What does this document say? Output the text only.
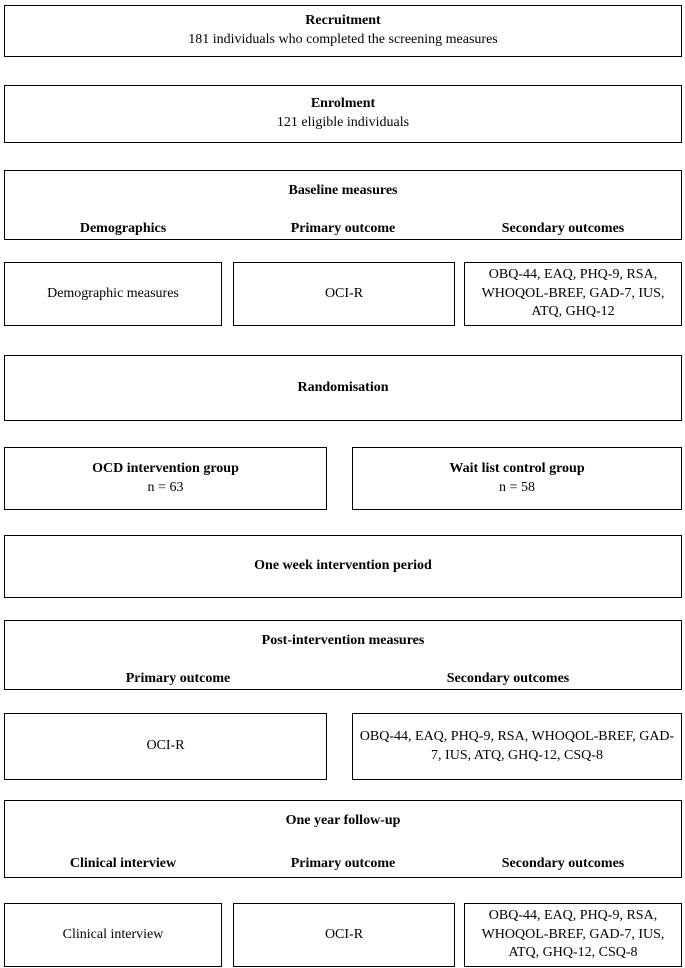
Recruitment
181 individuals who completed the screening measures
Enrolment
121 eligible individuals
Baseline measures
Demographics	Primary outcome	Secondary outcomes
Demographic measures	OCI-R
OBQ-44, EAQ, PHQ-9, RSA, WHOQOL-BREF, GAD-7, IUS, ATQ, GHQ-12
Randomisation
OCD intervention group
n = 63
Wait list control group
n = 58
One week intervention period
Post-intervention measures
Primary outcome	Secondary outcomes
OCI-R
OBQ-44, EAQ, PHQ-9, RSA, WHOQOL-BREF, GAD-7, IUS, ATQ, GHQ-12, CSQ-8
One year follow-up
Clinical interview	Primary outcome	Secondary outcomes
Clinical interview	OCI-R
OBQ-44, EAQ, PHQ-9, RSA, WHOQOL-BREF, GAD-7, IUS, ATQ, GHQ-12, CSQ-8
